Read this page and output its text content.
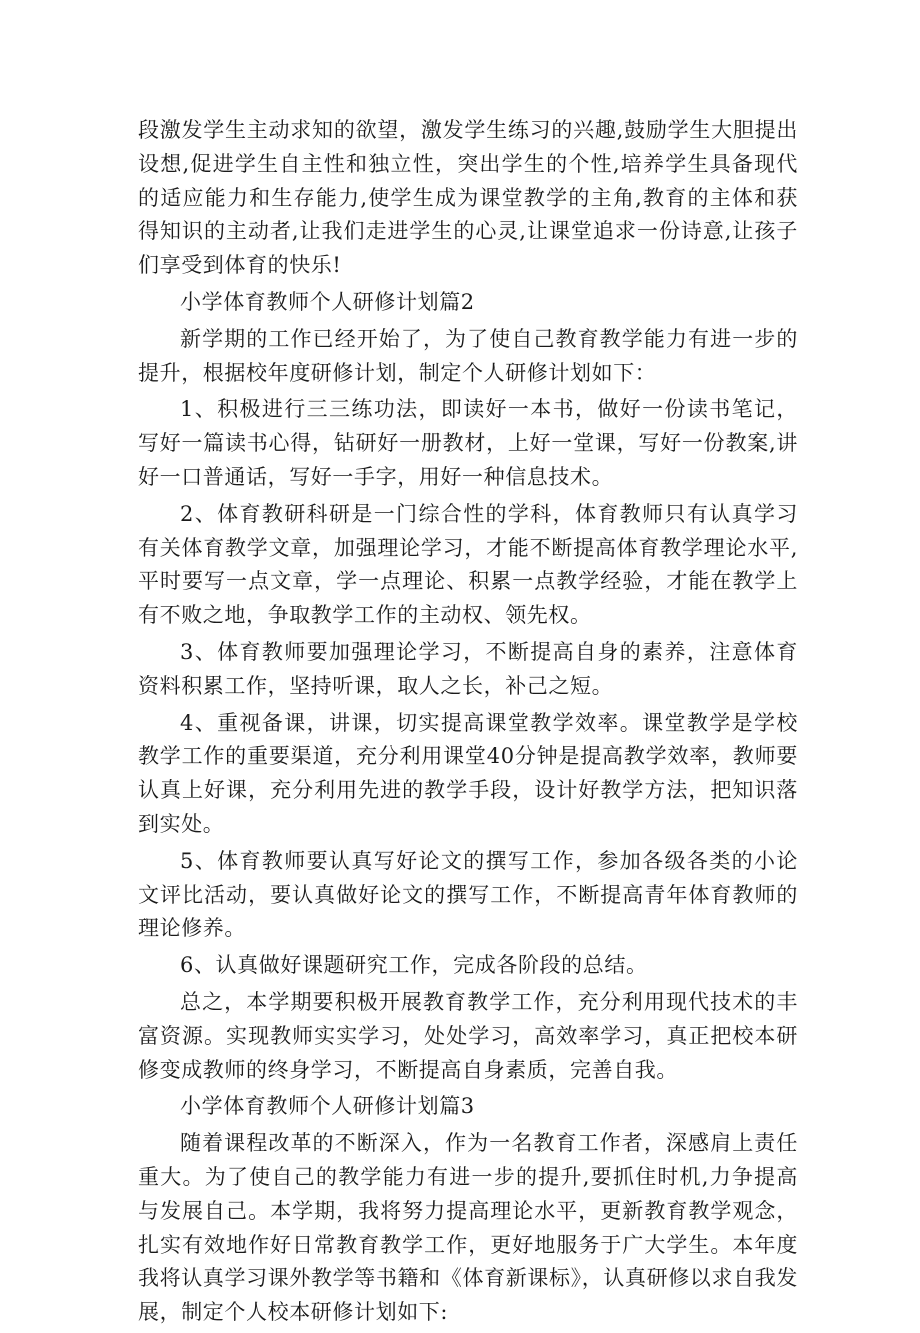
段激发学生主动求知的欲望，激发学生练习的兴趣,鼓励学生大胆提出设想,促进学生自主性和独立性，突出学生的个性,培养学生具备现代的适应能力和生存能力,使学生成为课堂教学的主角,教育的主体和获得知识的主动者,让我们走进学生的心灵,让课堂追求一份诗意,让孩子们享受到体育的快乐!

小学体育教师个人研修计划篇2

新学期的工作已经开始了，为了使自己教育教学能力有进一步的提升，根据校年度研修计划，制定个人研修计划如下：

1、积极进行三三练功法，即读好一本书，做好一份读书笔记，写好一篇读书心得，钻研好一册教材，上好一堂课，写好一份教案,讲好一口普通话，写好一手字，用好一种信息技术。

2、体育教研科研是一门综合性的学科，体育教师只有认真学习有关体育教学文章，加强理论学习，才能不断提高体育教学理论水平,平时要写一点文章，学一点理论、积累一点教学经验，才能在教学上有不败之地，争取教学工作的主动权、领先权。

3、体育教师要加强理论学习，不断提高自身的素养，注意体育资料积累工作，坚持听课，取人之长，补己之短。

4、重视备课，讲课，切实提高课堂教学效率。课堂教学是学校教学工作的重要渠道，充分利用课堂40分钟是提高教学效率，教师要认真上好课，充分利用先进的教学手段，设计好教学方法，把知识落到实处。

5、体育教师要认真写好论文的撰写工作，参加各级各类的小论文评比活动，要认真做好论文的撰写工作，不断提高青年体育教师的理论修养。

6、认真做好课题研究工作，完成各阶段的总结。

总之，本学期要积极开展教育教学工作，充分利用现代技术的丰富资源。实现教师实实学习，处处学习，高效率学习，真正把校本研修变成教师的终身学习，不断提高自身素质，完善自我。

小学体育教师个人研修计划篇3

随着课程改革的不断深入，作为一名教育工作者，深感肩上责任重大。为了使自己的教学能力有进一步的提升,要抓住时机,力争提高与发展自己。本学期，我将努力提高理论水平，更新教育教学观念，扎实有效地作好日常教育教学工作，更好地服务于广大学生。本年度我将认真学习课外教学等书籍和《体育新课标》，认真研修以求自我发展，制定个人校本研修计划如下:
